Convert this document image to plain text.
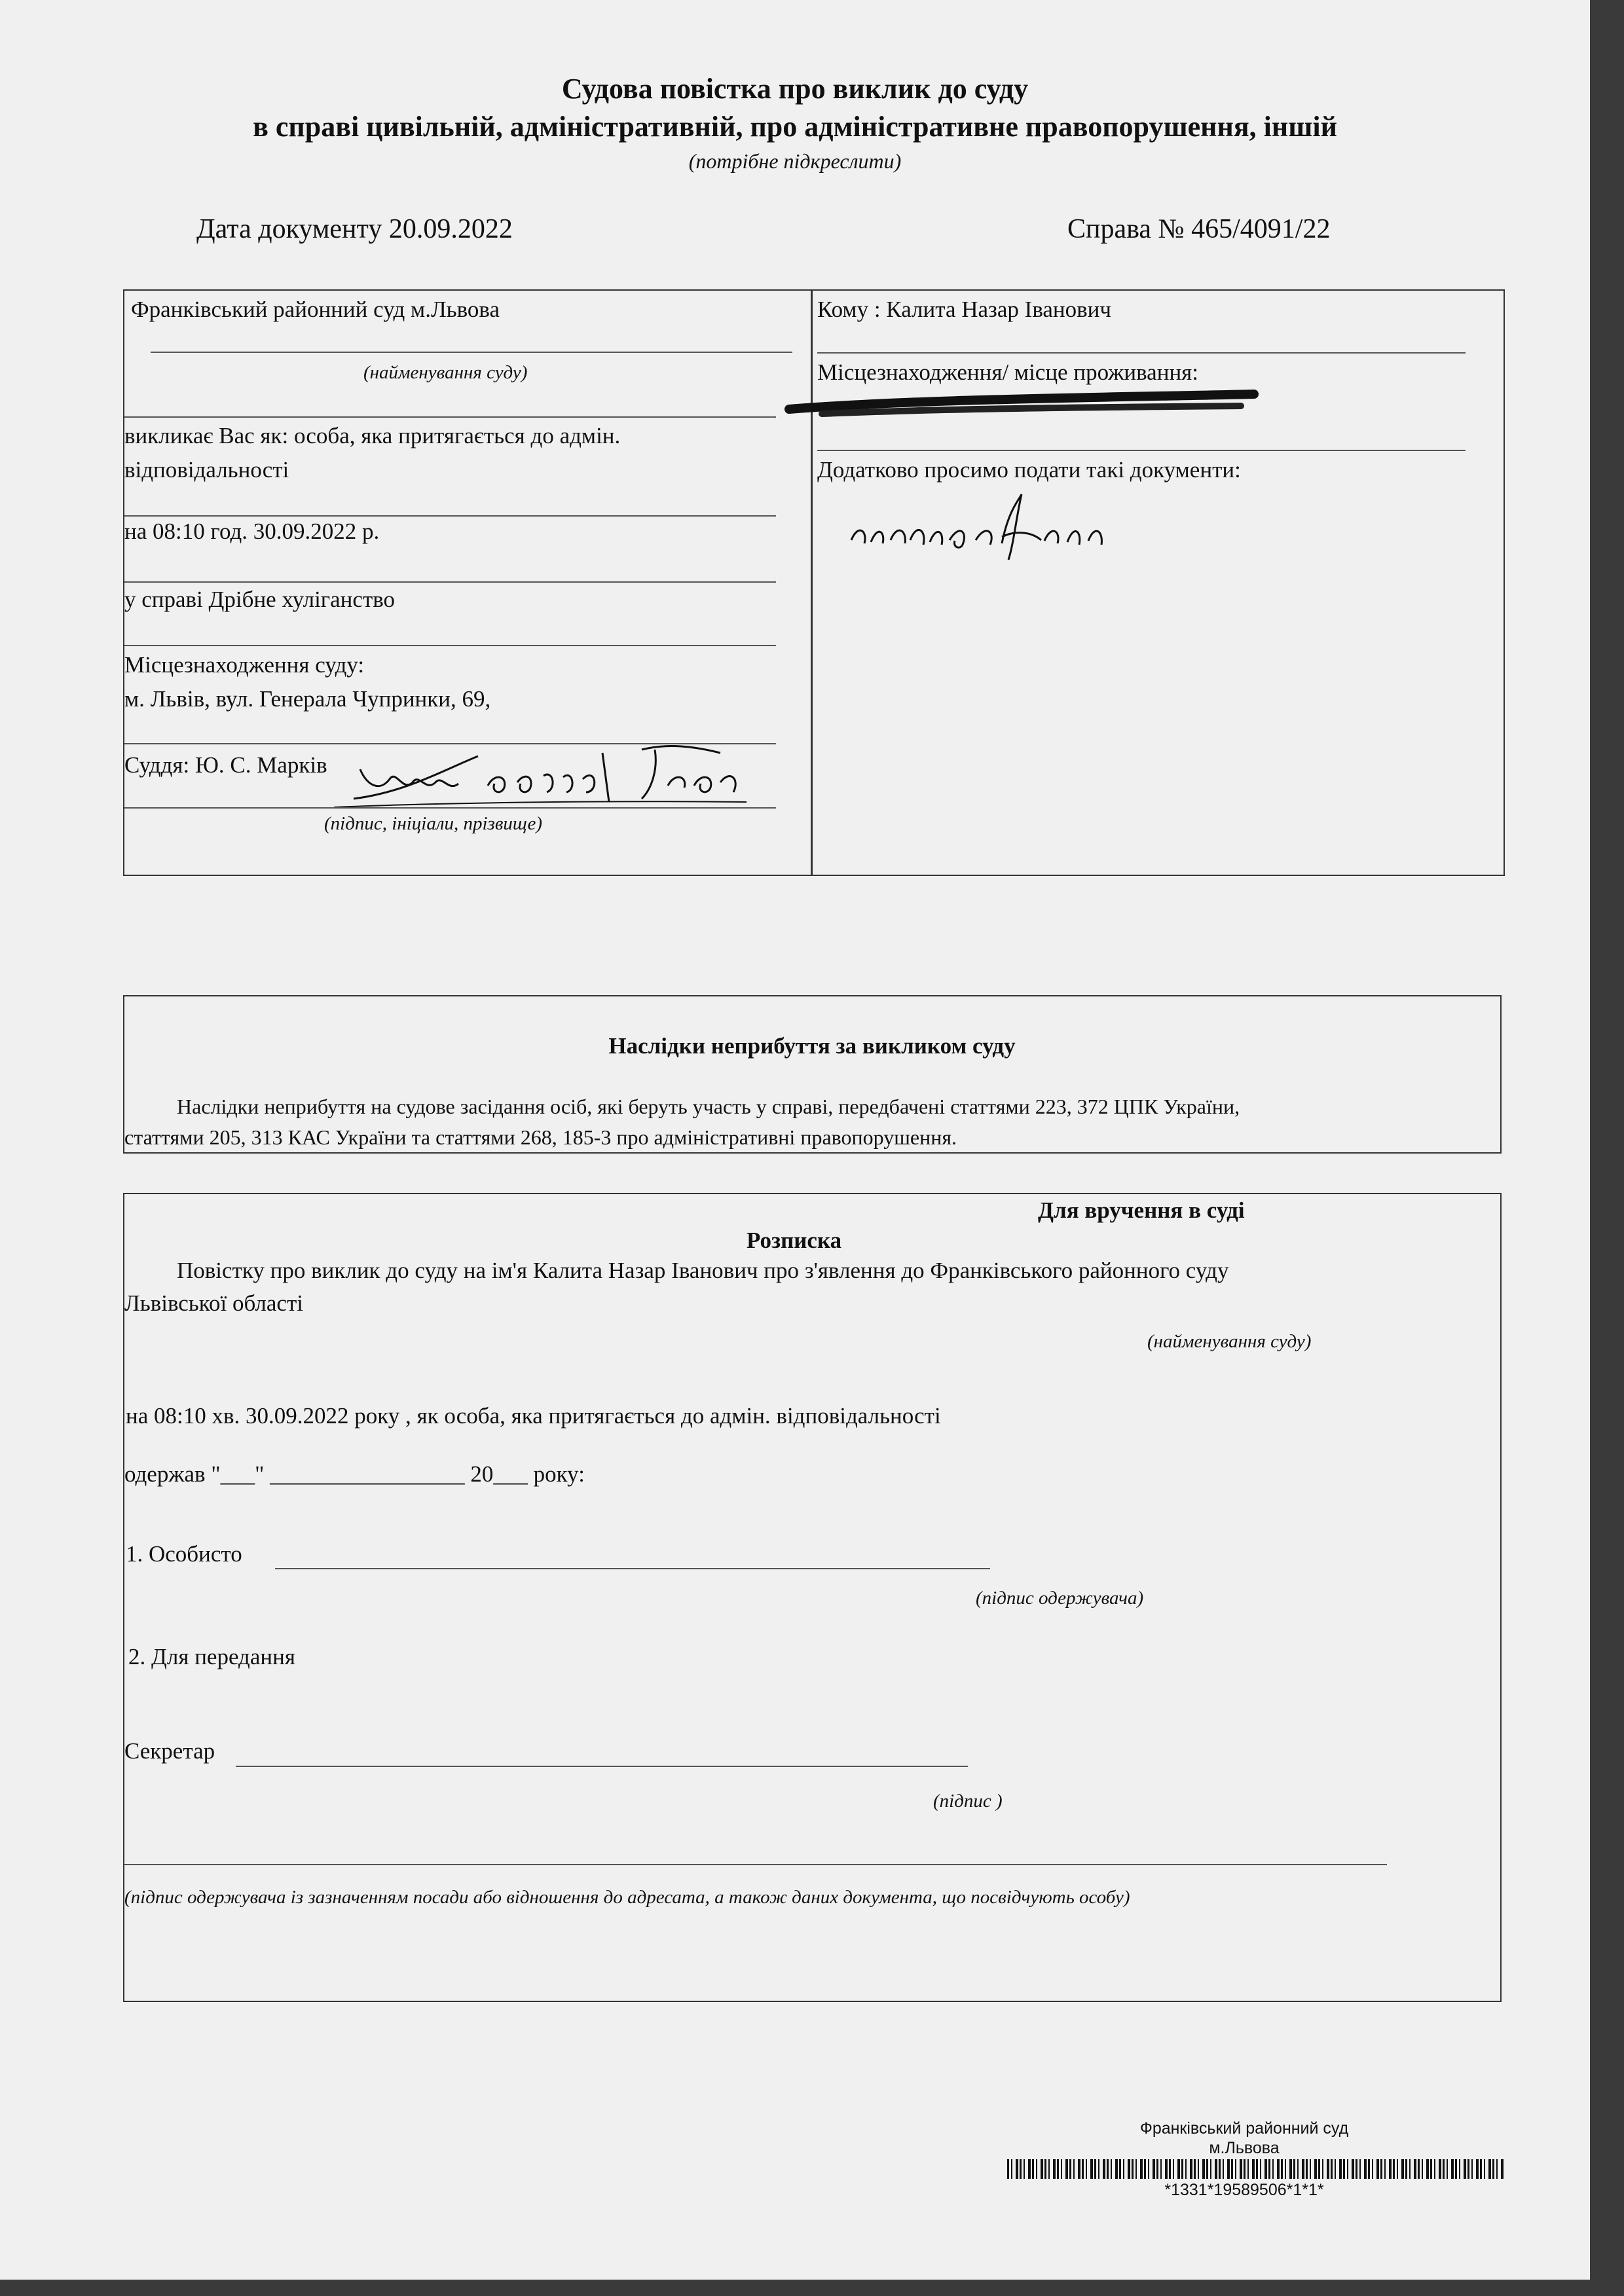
Судова повістка про виклик до суду
в справі цивільній, адміністративній, про адміністративне правопорушення, іншій
(потрібне підкреслити)
Дата документу 20.09.2022	Справа № 465/4091/22
Франківський районний суд м.Львова
(найменування суду)
викликає Вас як: особа, яка притягається до адмін.
відповідальності
на 08:10 год. 30.09.2022 р.
у справі Дрібне хуліганство
Місцезнаходження суду:
м. Львів, вул. Генерала Чупринки, 69,
Суддя: Ю. С. Марків
(підпис, ініціали, прізвище)
Кому : Калита Назар Іванович
Місцезнаходження/ місце проживання:
Додатково просимо подати такі документи:
Наслідки неприбуття за викликом суду
Наслідки неприбуття на судове засідання осіб, які беруть участь у справі, передбачені статтями 223, 372 ЦПК України,
статтями 205, 313 КАС України та статтями 268, 185-3 про адміністративні правопорушення.
Для вручення в суді
Розписка
Повістку про виклик до суду на ім'я Калита Назар Іванович про з'явлення до Франківського районного суду
Львівської області
(найменування суду)
на 08:10 хв. 30.09.2022 року , як особа, яка притягається до адмін. відповідальності
одержав "___" _________________ 20___ року:
1. Особисто
(підпис одержувача)
2. Для передання
Секретар
(підпис )
(підпис одержувача із зазначенням посади або відношення до адресата, а також даних документа, що посвідчують особу)
Франківський районний суд
м.Львова
*1331*19589506*1*1*
